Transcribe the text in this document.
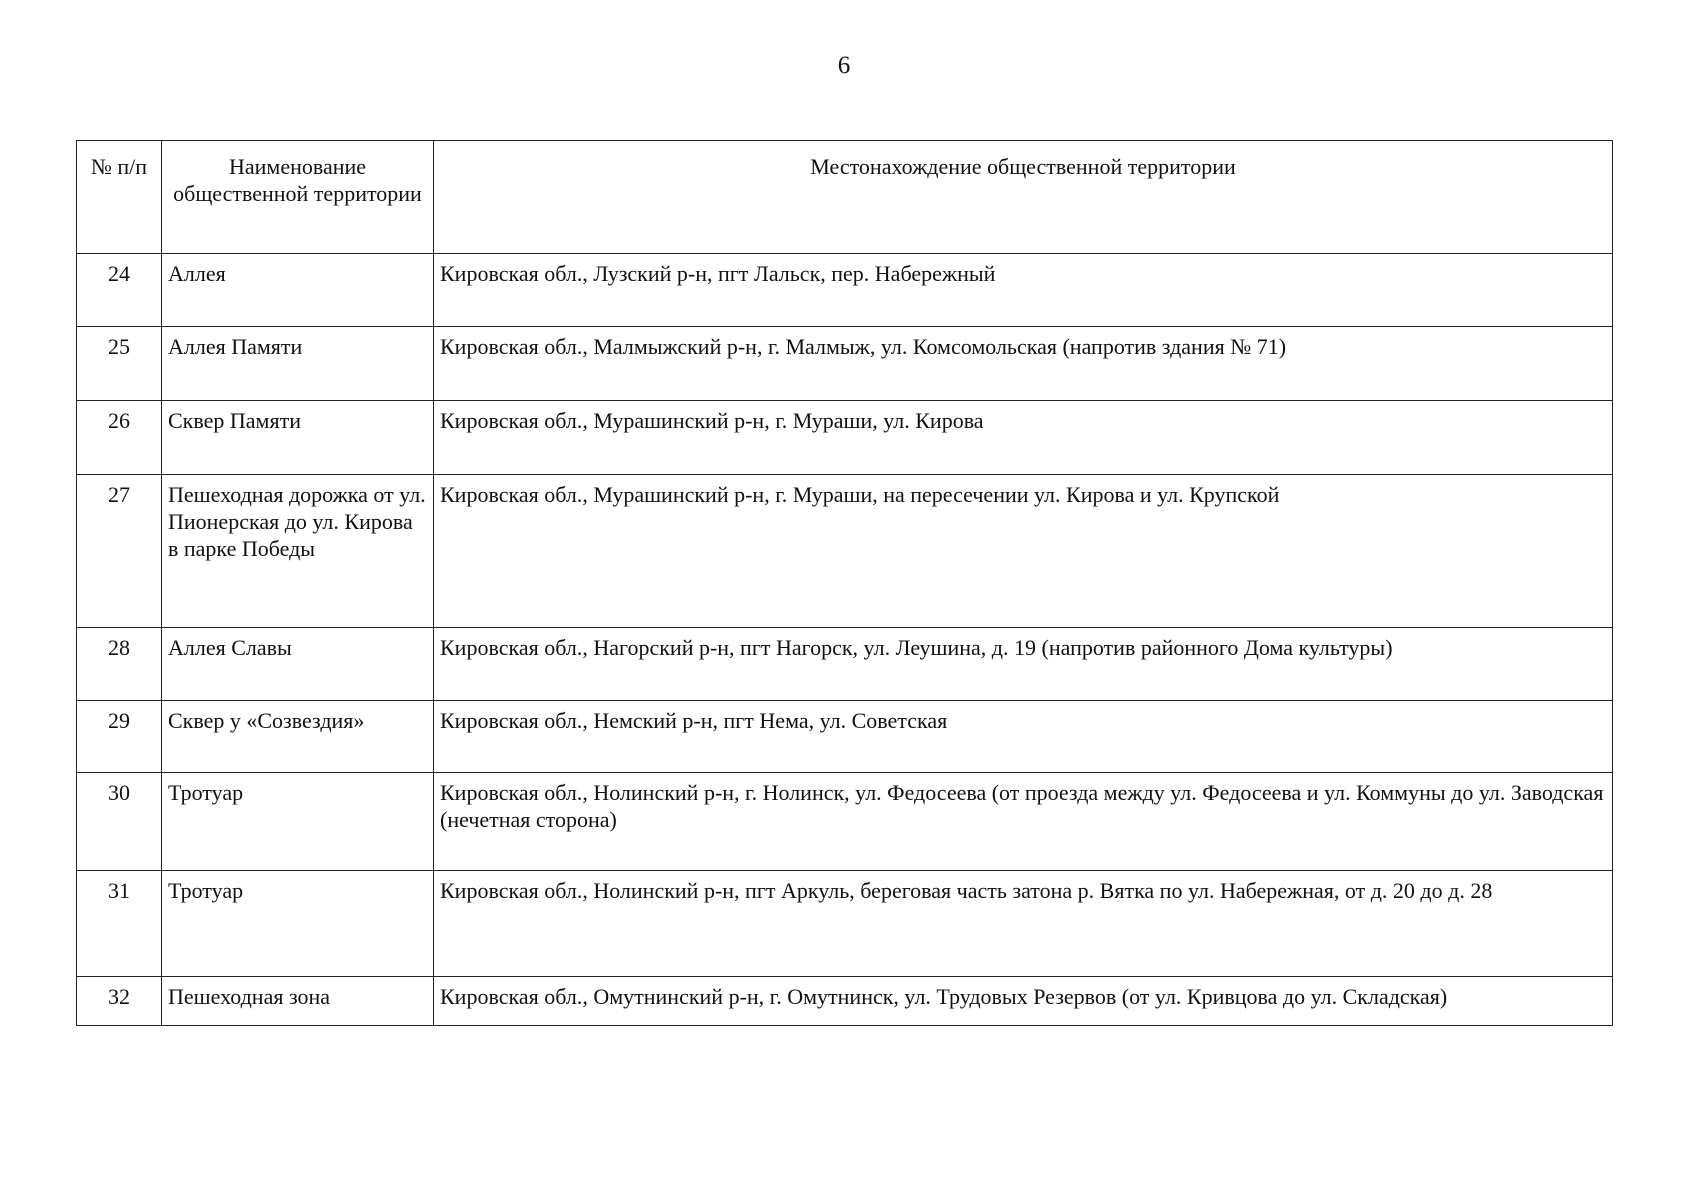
6
№ п/п	Наименование общественной территории	Местонахождение общественной территории
24	Аллея	Кировская обл., Лузский р-н, пгт Лальск, пер. Набережный
25	Аллея Памяти	Кировская обл., Малмыжский р-н, г. Малмыж, ул. Комсомольская (напротив здания № 71)
26	Сквер Памяти	Кировская обл., Мурашинский р-н, г. Мураши, ул. Кирова
27	Пешеходная дорожка от ул. Пионерская до ул. Кирова в парке Победы	Кировская обл., Мурашинский р-н, г. Мураши, на пересечении ул. Кирова и ул. Крупской
28	Аллея Славы	Кировская обл., Нагорский р-н, пгт Нагорск, ул. Леушина, д. 19 (напротив районного Дома культуры)
29	Сквер у «Созвездия»	Кировская обл., Немский р-н, пгт Нема, ул. Советская
30	Тротуар	Кировская обл., Нолинский р-н, г. Нолинск, ул. Федосеева (от проезда между ул. Федосеева и ул. Коммуны до ул. Заводская (нечетная сторона)
31	Тротуар	Кировская обл., Нолинский р-н, пгт Аркуль, береговая часть затона р. Вятка по ул. Набережная, от д. 20 до д. 28
32	Пешеходная зона	Кировская обл., Омутнинский р-н, г. Омутнинск, ул. Трудовых Резервов (от ул. Кривцова до ул. Складская)
